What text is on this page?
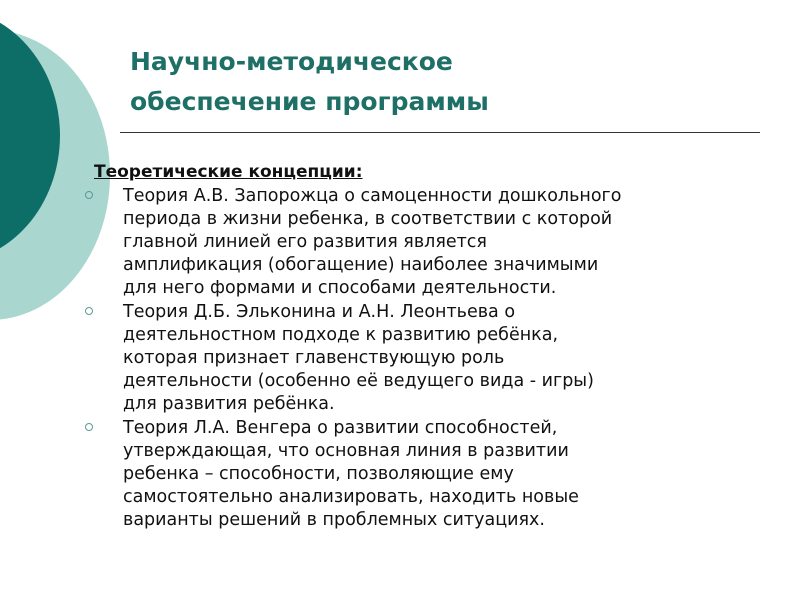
Научно-методическое
обеспечение программы
Теоретические концепции:
Теория А.В. Запорожца о самоценности дошкольного
периода в жизни ребенка, в соответствии с которой
главной линией его развития является
амплификация (обогащение) наиболее значимыми
для него формами и способами деятельности.
Теория Д.Б. Эльконина и А.Н. Леонтьева о
деятельностном подходе к развитию ребёнка,
которая признает главенствующую роль
деятельности (особенно её ведущего вида - игры)
для развития ребёнка.
Теория Л.А. Венгера о развитии способностей,
утверждающая, что основная линия в развитии
ребенка – способности, позволяющие ему
самостоятельно анализировать, находить новые
варианты решений в проблемных ситуациях.
